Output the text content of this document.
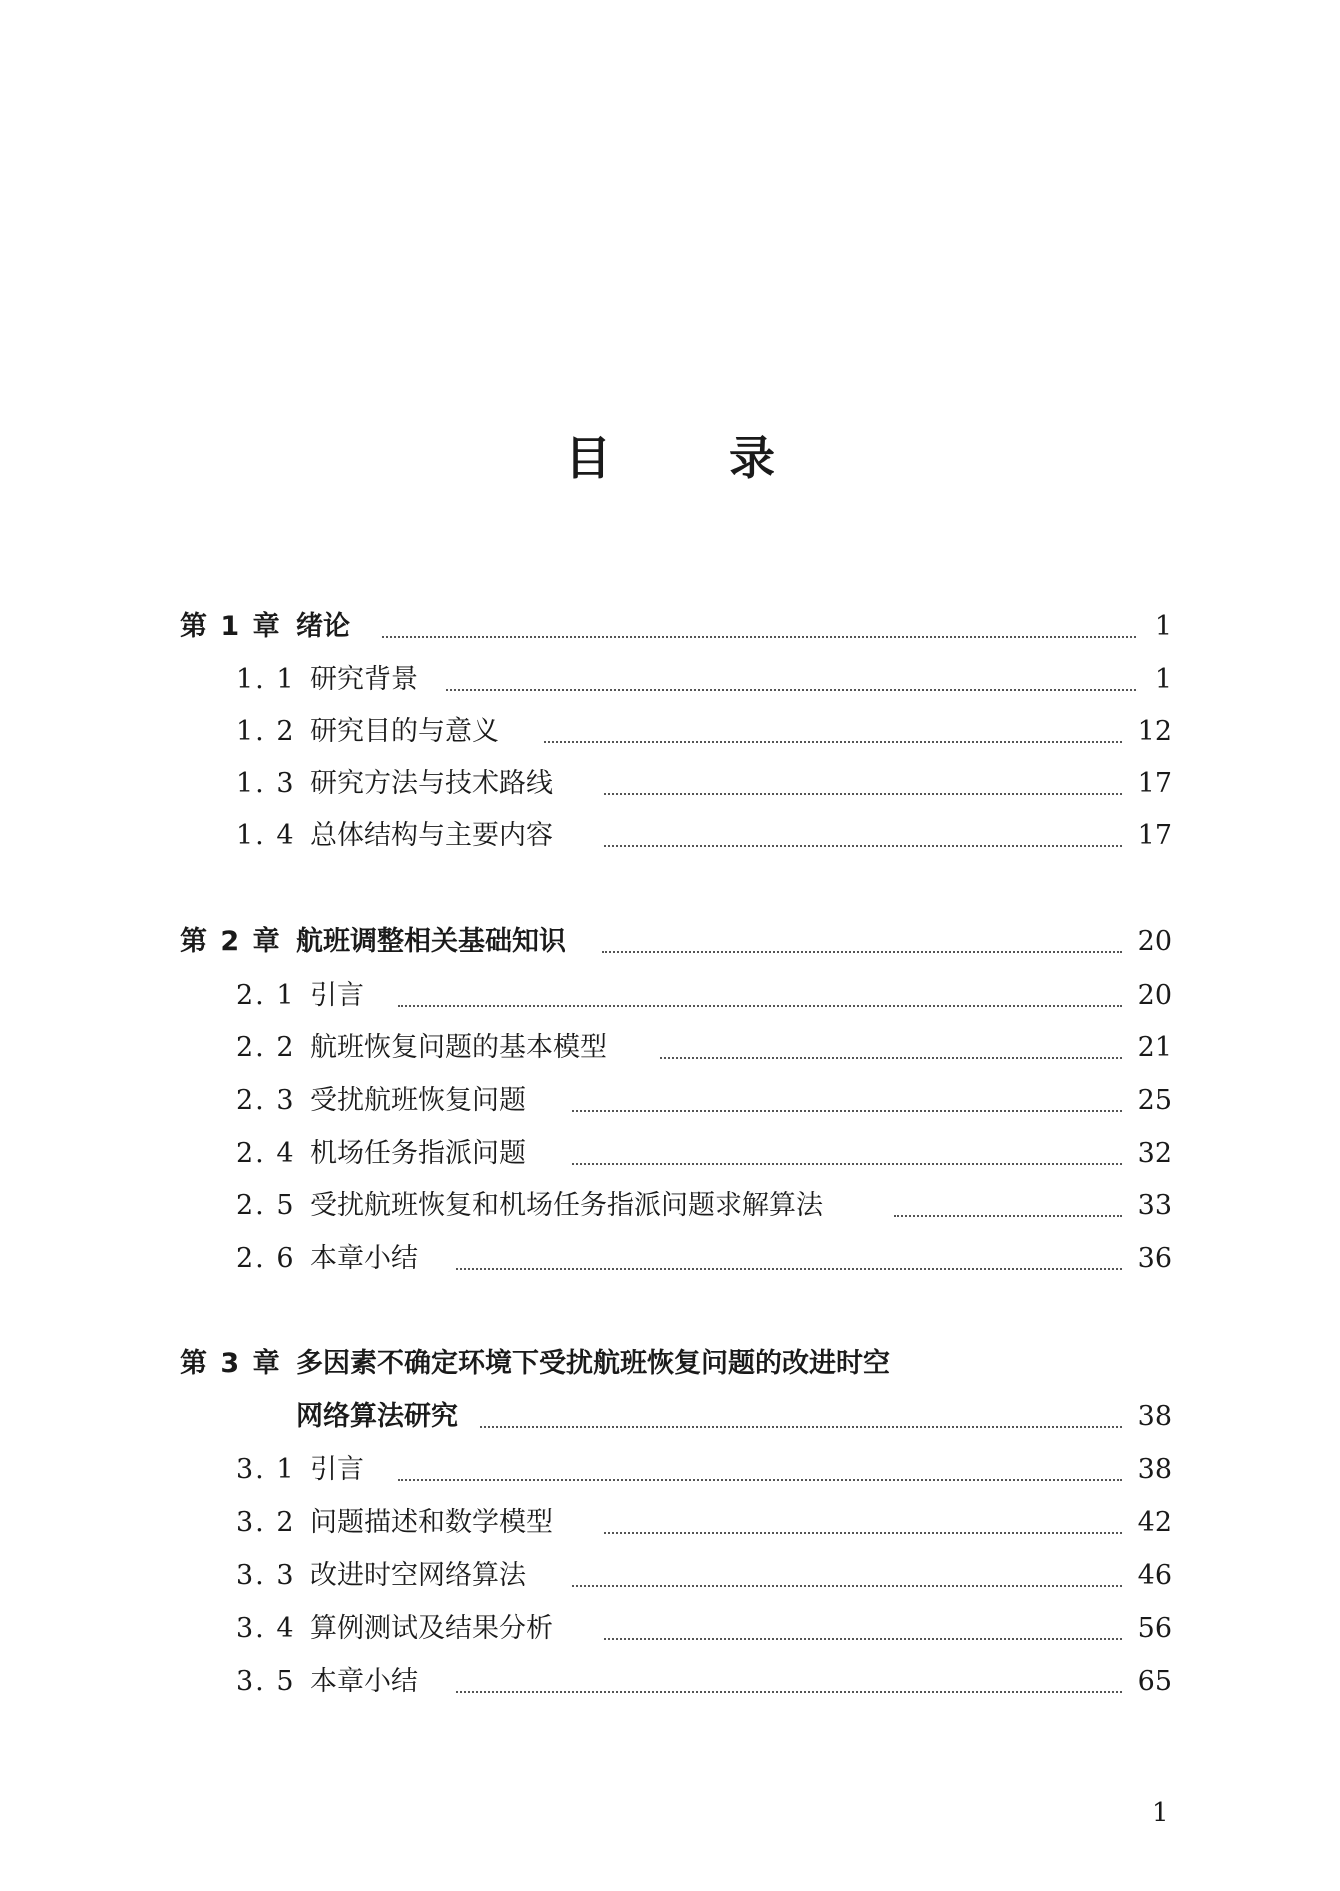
目	录
第 1 章 绪论	1
1. 1 研究背景	1
1. 2 研究目的与意义	12
1. 3 研究方法与技术路线	17
1. 4 总体结构与主要内容	17
第 2 章 航班调整相关基础知识	20
2. 1 引言	20
2. 2 航班恢复问题的基本模型	21
2. 3 受扰航班恢复问题	25
2. 4 机场任务指派问题	32
2. 5 受扰航班恢复和机场任务指派问题求解算法	33
2. 6 本章小结	36
第 3 章 多因素不确定环境下受扰航班恢复问题的改进时空
网络算法研究	38
3. 1 引言	38
3. 2 问题描述和数学模型	42
3. 3 改进时空网络算法	46
3. 4 算例测试及结果分析	56
3. 5 本章小结	65
1
